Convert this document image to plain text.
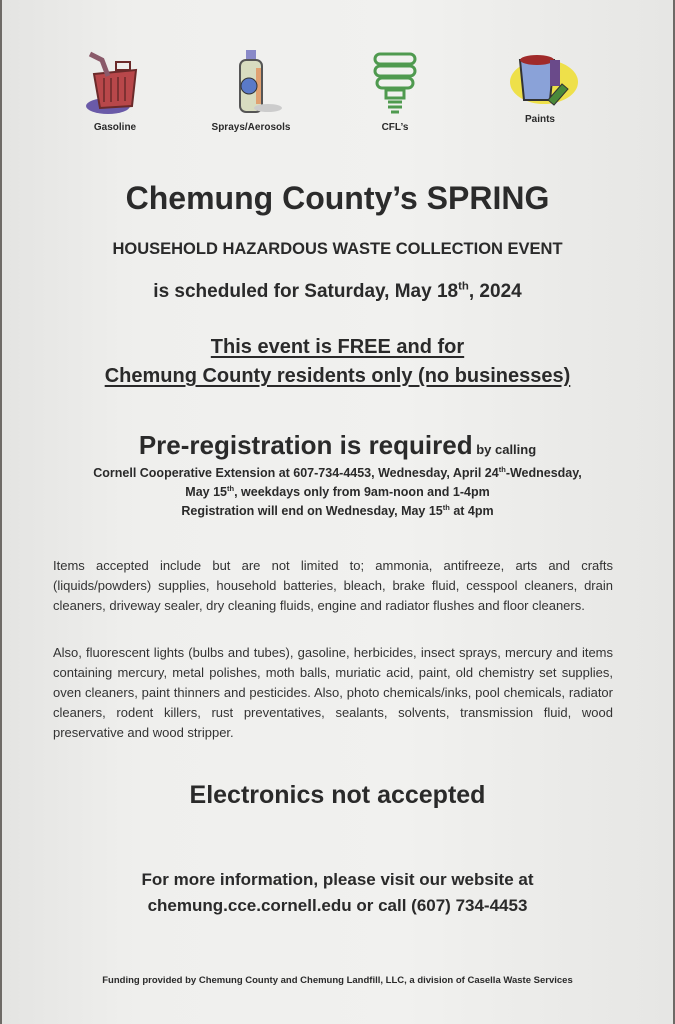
Gasoline	Sprays/Aerosols	CFL’s
Paints
Chemung County’s SPRING
HOUSEHOLD HAZARDOUS WASTE COLLECTION EVENT
is scheduled for Saturday, May 18th, 2024
This event is FREE and for
Chemung County residents only (no businesses)
Pre-registration is required by calling
Cornell Cooperative Extension at 607-734-4453, Wednesday, April 24th-Wednesday,
May 15th, weekdays only from 9am-noon and 1-4pm
Registration will end on Wednesday, May 15th at 4pm
Items accepted include but are not limited to; ammonia, antifreeze, arts and crafts (liquids/powders) supplies, household batteries, bleach, brake fluid, cesspool cleaners, drain cleaners, driveway sealer, dry cleaning fluids, engine and radiator flushes and floor cleaners.
Also, fluorescent lights (bulbs and tubes), gasoline, herbicides, insect sprays, mercury and items containing mercury, metal polishes, moth balls, muriatic acid, paint, old chemistry set supplies, oven cleaners, paint thinners and pesticides. Also, photo chemicals/inks, pool chemicals, radiator cleaners, rodent killers, rust preventatives, sealants, solvents, transmission fluid, wood preservative and wood stripper.
Electronics not accepted
For more information, please visit our website at
chemung.cce.cornell.edu or call (607) 734-4453
Funding provided by Chemung County and Chemung Landfill, LLC, a division of Casella Waste Services
